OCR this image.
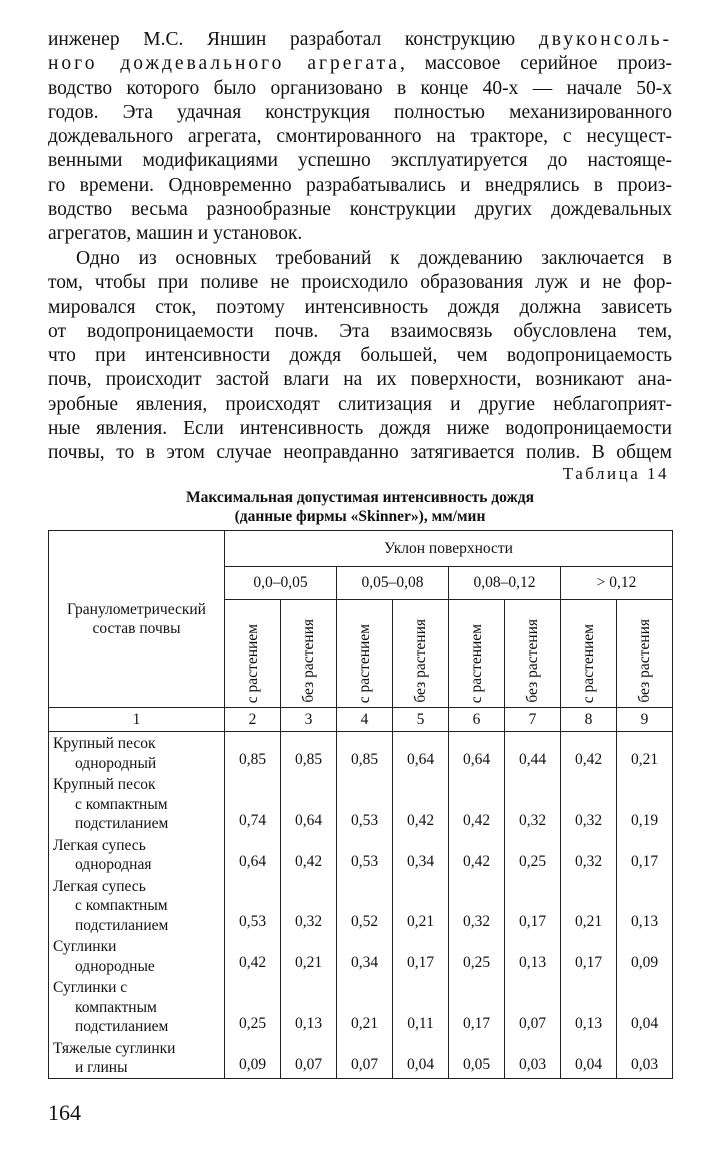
инженер М.С. Яншин разработал конструкцию двуконсоль-
ного дождевального агрегата, массовое серийное произ-
водство которого было организовано в конце 40-х — начале 50-х
годов. Эта удачная конструкция полностью механизированного
дождевального агрегата, смонтированного на тракторе, с несущест-
венными модификациями успешно эксплуатируется до настояще-
го времени. Одновременно разрабатывались и внедрялись в произ-
водство весьма разнообразные конструкции других дождевальных
агрегатов, машин и установок.
Одно из основных требований к дождеванию заключается в
том, чтобы при поливе не происходило образования луж и не фор-
мировался сток, поэтому интенсивность дождя должна зависеть
от водопроницаемости почв. Эта взаимосвязь обусловлена тем,
что при интенсивности дождя большей, чем водопроницаемость
почв, происходит застой влаги на их поверхности, возникают ана-
эробные явления, происходят слитизация и другие неблагоприят-
ные явления. Если интенсивность дождя ниже водопроницаемости
почвы, то в этом случае неоправданно затягивается полив. В общем
Таблица 14
Максимальная допустимая интенсивность дождя
(данные фирмы «Skinner»), мм/мин
Гранулометрический состав почвы	Уклон поверхности							
	0,0–0,05		0,05–0,08		0,08–0,12		> 0,12	

	с растением	без растения	с растением	без растения	с растением	без растения	с растением	без растения

1	2	3	4	5	6	7	8	9

Крупный песок
однородный	0,85	0,85	0,85	0,64	0,64	0,44	0,42	0,21

Крупный песок
с компактным
подстиланием	0,74	0,64	0,53	0,42	0,42	0,32	0,32	0,19

Легкая супесь
однородная	0,64	0,42	0,53	0,34	0,42	0,25	0,32	0,17

Легкая супесь
с компактным
подстиланием	0,53	0,32	0,52	0,21	0,32	0,17	0,21	0,13

Суглинки
однородные	0,42	0,21	0,34	0,17	0,25	0,13	0,17	0,09

Суглинки с
компактным
подстиланием	0,25	0,13	0,21	0,11	0,17	0,07	0,13	0,04

Тяжелые суглинки
и глины	0,09	0,07	0,07	0,04	0,05	0,03	0,04	0,03
164
